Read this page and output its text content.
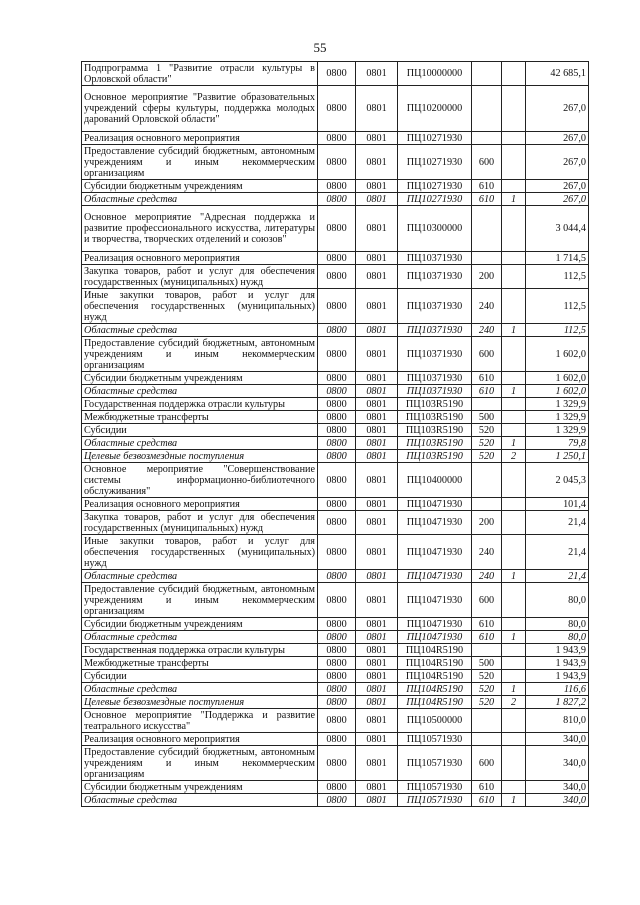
55
Подпрограмма 1 "Развитие отрасли культуры в Орловской области"	0800	0801	ПЦ10000000			42 685,1
Основное мероприятие "Развитие образовательных учреждений сферы культуры, поддержка молодых дарований Орловской области"	0800	0801	ПЦ10200000			267,0
Реализация основного мероприятия	0800	0801	ПЦ10271930			267,0
Предоставление субсидий бюджетным, автономным учреждениям и иным некоммерческим организациям	0800	0801	ПЦ10271930	600		267,0
Субсидии бюджетным учреждениям	0800	0801	ПЦ10271930	610		267,0
Областные средства	0800	0801	ПЦ10271930	610	1	267,0
Основное мероприятие "Адресная поддержка и развитие профессионального искусства, литературы и творчества, творческих отделений и союзов"	0800	0801	ПЦ10300000			3 044,4
Реализация основного мероприятия	0800	0801	ПЦ10371930			1 714,5
Закупка товаров, работ и услуг для обеспечения государственных (муниципальных) нужд	0800	0801	ПЦ10371930	200		112,5
Иные закупки товаров, работ и услуг для обеспечения государственных (муниципальных) нужд	0800	0801	ПЦ10371930	240		112,5
Областные средства	0800	0801	ПЦ10371930	240	1	112,5
Предоставление субсидий бюджетным, автономным учреждениям и иным некоммерческим организациям	0800	0801	ПЦ10371930	600		1 602,0
Субсидии бюджетным учреждениям	0800	0801	ПЦ10371930	610		1 602,0
Областные средства	0800	0801	ПЦ10371930	610	1	1 602,0
Государственная поддержка отрасли культуры	0800	0801	ПЦ103R5190			1 329,9
Межбюджетные трансферты	0800	0801	ПЦ103R5190	500		1 329,9
Субсидии	0800	0801	ПЦ103R5190	520		1 329,9
Областные средства	0800	0801	ПЦ103R5190	520	1	79,8
Целевые безвозмездные поступления	0800	0801	ПЦ103R5190	520	2	1 250,1
Основное мероприятие "Совершенствование системы информационно-библиотечного обслуживания"	0800	0801	ПЦ10400000			2 045,3
Реализация основного мероприятия	0800	0801	ПЦ10471930			101,4
Закупка товаров, работ и услуг для обеспечения государственных (муниципальных) нужд	0800	0801	ПЦ10471930	200		21,4
Иные закупки товаров, работ и услуг для обеспечения государственных (муниципальных) нужд	0800	0801	ПЦ10471930	240		21,4
Областные средства	0800	0801	ПЦ10471930	240	1	21,4
Предоставление субсидий бюджетным, автономным учреждениям и иным некоммерческим организациям	0800	0801	ПЦ10471930	600		80,0
Субсидии бюджетным учреждениям	0800	0801	ПЦ10471930	610		80,0
Областные средства	0800	0801	ПЦ10471930	610	1	80,0
Государственная поддержка отрасли культуры	0800	0801	ПЦ104R5190			1 943,9
Межбюджетные трансферты	0800	0801	ПЦ104R5190	500		1 943,9
Субсидии	0800	0801	ПЦ104R5190	520		1 943,9
Областные средства	0800	0801	ПЦ104R5190	520	1	116,6
Целевые безвозмездные поступления	0800	0801	ПЦ104R5190	520	2	1 827,2
Основное мероприятие "Поддержка и развитие театрального искусства"	0800	0801	ПЦ10500000			810,0
Реализация основного мероприятия	0800	0801	ПЦ10571930			340,0
Предоставление субсидий бюджетным, автономным учреждениям и иным некоммерческим организациям	0800	0801	ПЦ10571930	600		340,0
Субсидии бюджетным учреждениям	0800	0801	ПЦ10571930	610		340,0
Областные средства	0800	0801	ПЦ10571930	610	1	340,0
